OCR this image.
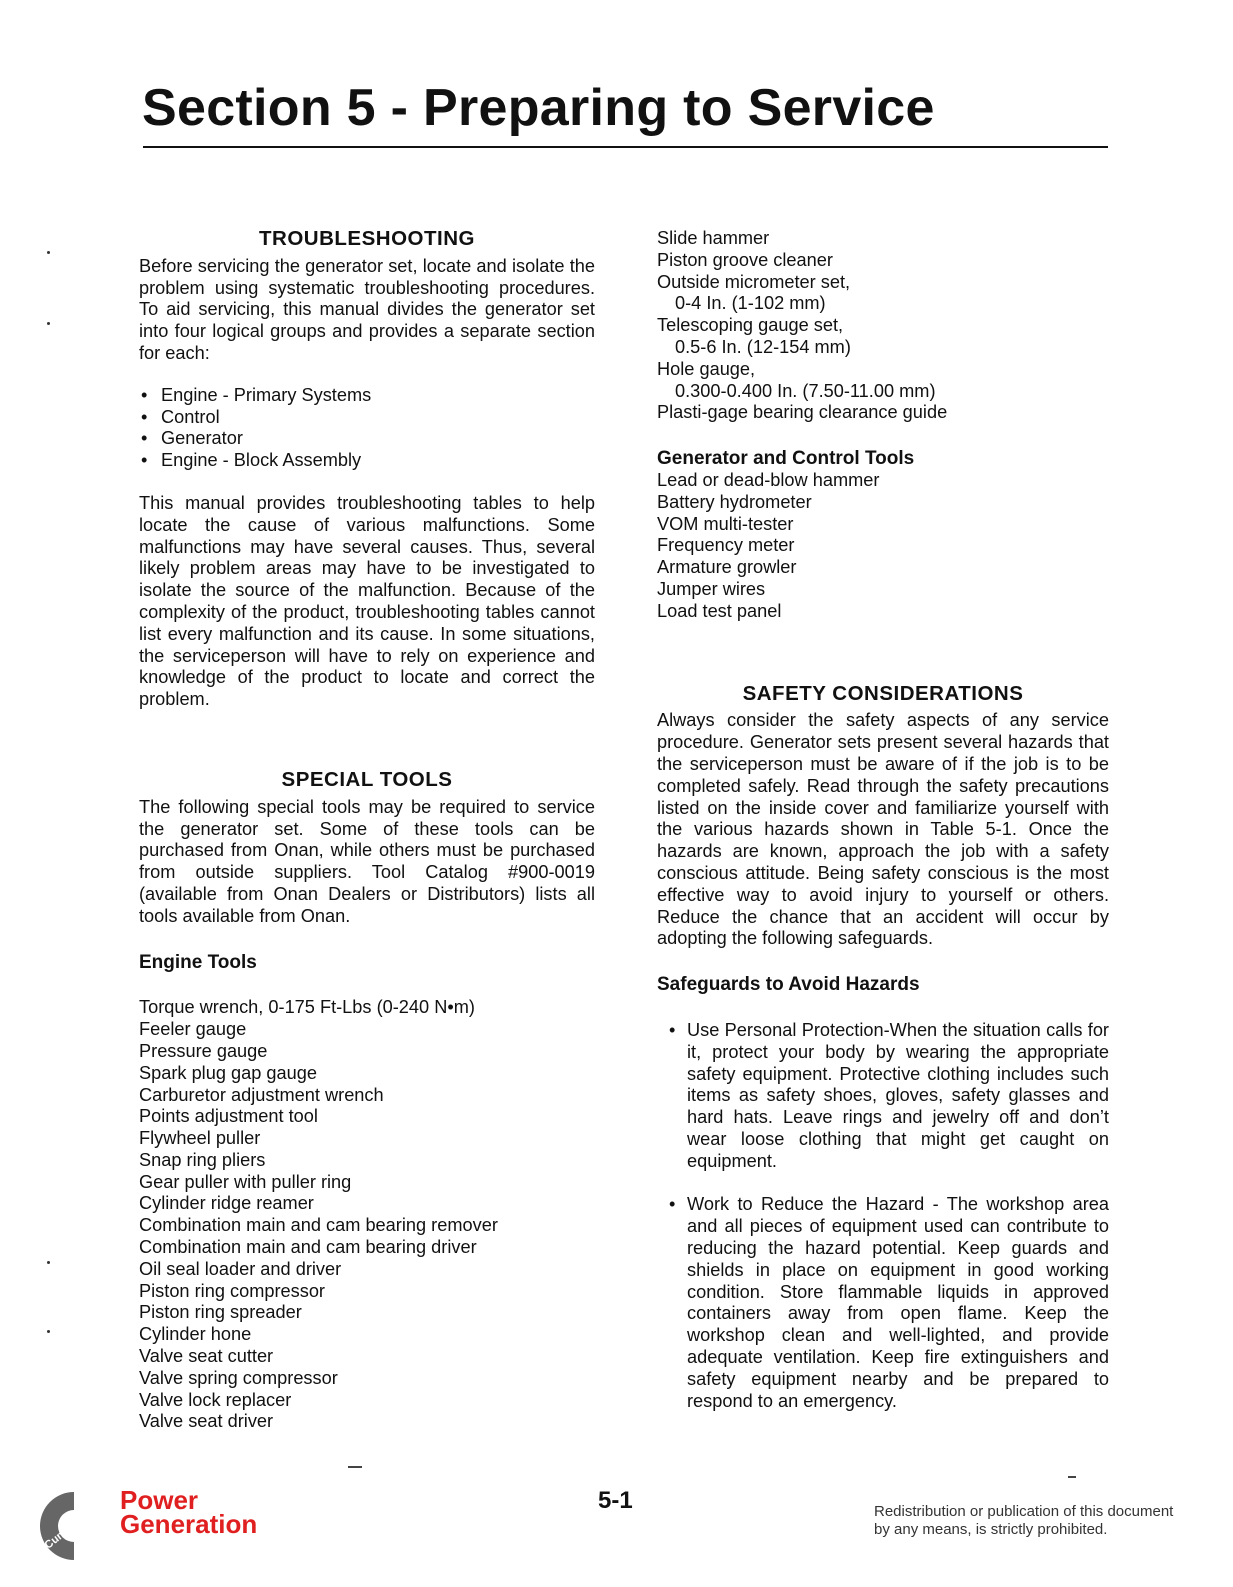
Section 5 - Preparing to Service
TROUBLESHOOTING

Before servicing the generator set, locate and isolate the problem using systematic troubleshooting procedures. To aid servicing, this manual divides the generator set into four logical groups and provides a separate section for each:

• Engine - Primary Systems
• Control
• Generator
• Engine - Block Assembly

This manual provides troubleshooting tables to help locate the cause of various malfunctions. Some malfunctions may have several causes. Thus, several likely problem areas may have to be investigated to isolate the source of the malfunction. Because of the complexity of the product, troubleshooting tables cannot list every malfunction and its cause. In some situations, the serviceperson will have to rely on experience and knowledge of the product to locate and correct the problem.

SPECIAL TOOLS

The following special tools may be required to service the generator set. Some of these tools can be purchased from Onan, while others must be purchased from outside suppliers. Tool Catalog #900-0019 (available from Onan Dealers or Distributors) lists all tools available from Onan.

Engine Tools
Torque wrench, 0-175 Ft-Lbs (0-240 N•m)
Feeler gauge
Pressure gauge
Spark plug gap gauge
Carburetor adjustment wrench
Points adjustment tool
Flywheel puller
Snap ring pliers
Gear puller with puller ring
Cylinder ridge reamer
Combination main and cam bearing remover
Combination main and cam bearing driver
Oil seal loader and driver
Piston ring compressor
Piston ring spreader
Cylinder hone
Valve seat cutter
Valve spring compressor
Valve lock replacer
Valve seat driver
Slide hammer
Piston groove cleaner
Outside micrometer set,
0-4 In. (1-102 mm)
Telescoping gauge set,
0.5-6 In. (12-154 mm)
Hole gauge,
0.300-0.400 In. (7.50-11.00 mm)
Plasti-gage bearing clearance guide
Generator and Control Tools
Lead or dead-blow hammer
Battery hydrometer
VOM multi-tester
Frequency meter
Armature growler
Jumper wires
Load test panel
SAFETY CONSIDERATIONS

Always consider the safety aspects of any service procedure. Generator sets present several hazards that the serviceperson must be aware of if the job is to be completed safely. Read through the safety precautions listed on the inside cover and familiarize yourself with the various hazards shown in Table 5-1. Once the hazards are known, approach the job with a safety conscious attitude. Being safety conscious is the most effective way to avoid injury to yourself or others. Reduce the chance that an accident will occur by adopting the following safeguards.

Safeguards to Avoid Hazards
• Use Personal Protection-When the situation calls for it, protect your body by wearing the appropriate safety equipment. Protective clothing includes such items as safety shoes, gloves, safety glasses and hard hats. Leave rings and jewelry off and don’t wear loose clothing that might get caught on equipment.
• Work to Reduce the Hazard - The workshop area and all pieces of equipment used can contribute to reducing the hazard potential. Keep guards and shields in place on equipment in good working condition. Store flammable liquids in approved containers away from open flame. Keep the workshop clean and well-lighted, and provide adequate ventilation. Keep fire extinguishers and safety equipment nearby and be prepared to respond to an emergency.
Cummins
Power
Generation
5-1	Redistribution or publication of this document
by any means, is strictly prohibited.
